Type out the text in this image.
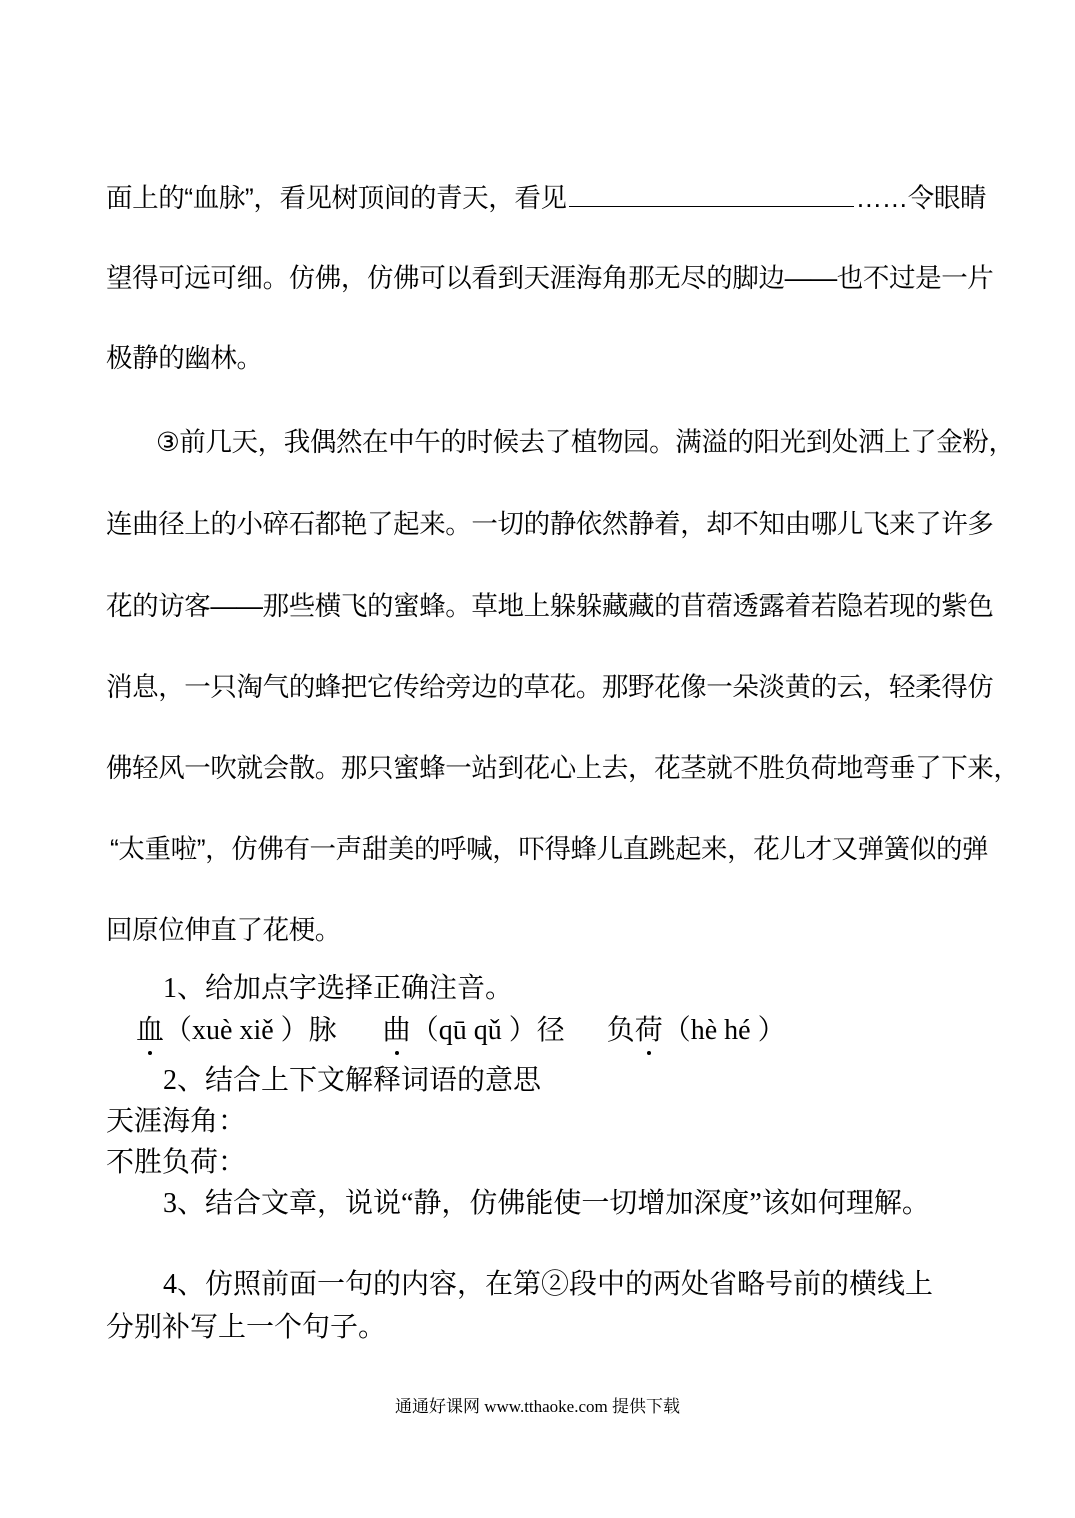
面上的“血脉”，看见树顶间的青天，看见	……令眼睛
望得可远可细。仿佛，仿佛可以看到天涯海角那无尽的脚边——也不过是一片
极静的幽林。
③前几天，我偶然在中午的时候去了植物园。满溢的阳光到处洒上了金粉，
连曲径上的小碎石都艳了起来。一切的静依然静着，却不知由哪儿飞来了许多
花的访客——那些横飞的蜜蜂。草地上躲躲藏藏的苜蓿透露着若隐若现的紫色
消息，一只淘气的蜂把它传给旁边的草花。那野花像一朵淡黄的云，轻柔得仿
佛轻风一吹就会散。那只蜜蜂一站到花心上去，花茎就不胜负荷地弯垂了下来，
“太重啦”，仿佛有一声甜美的呼喊，吓得蜂儿直跳起来，花儿才又弹簧似的弹
回原位伸直了花梗。
1、给加点字选择正确注音。
血（xuè xiě ）脉 曲（qū qǔ ）径 负荷（hè hé ）
2、结合上下文解释词语的意思
天涯海角：
不胜负荷：
3、结合文章，说说“静，仿佛能使一切增加深度”该如何理解。
4、仿照前面一句的内容，在第②段中的两处省略号前的横线上
分别补写上一个句子。
通通好课网 www.tthaoke.com 提供下载
